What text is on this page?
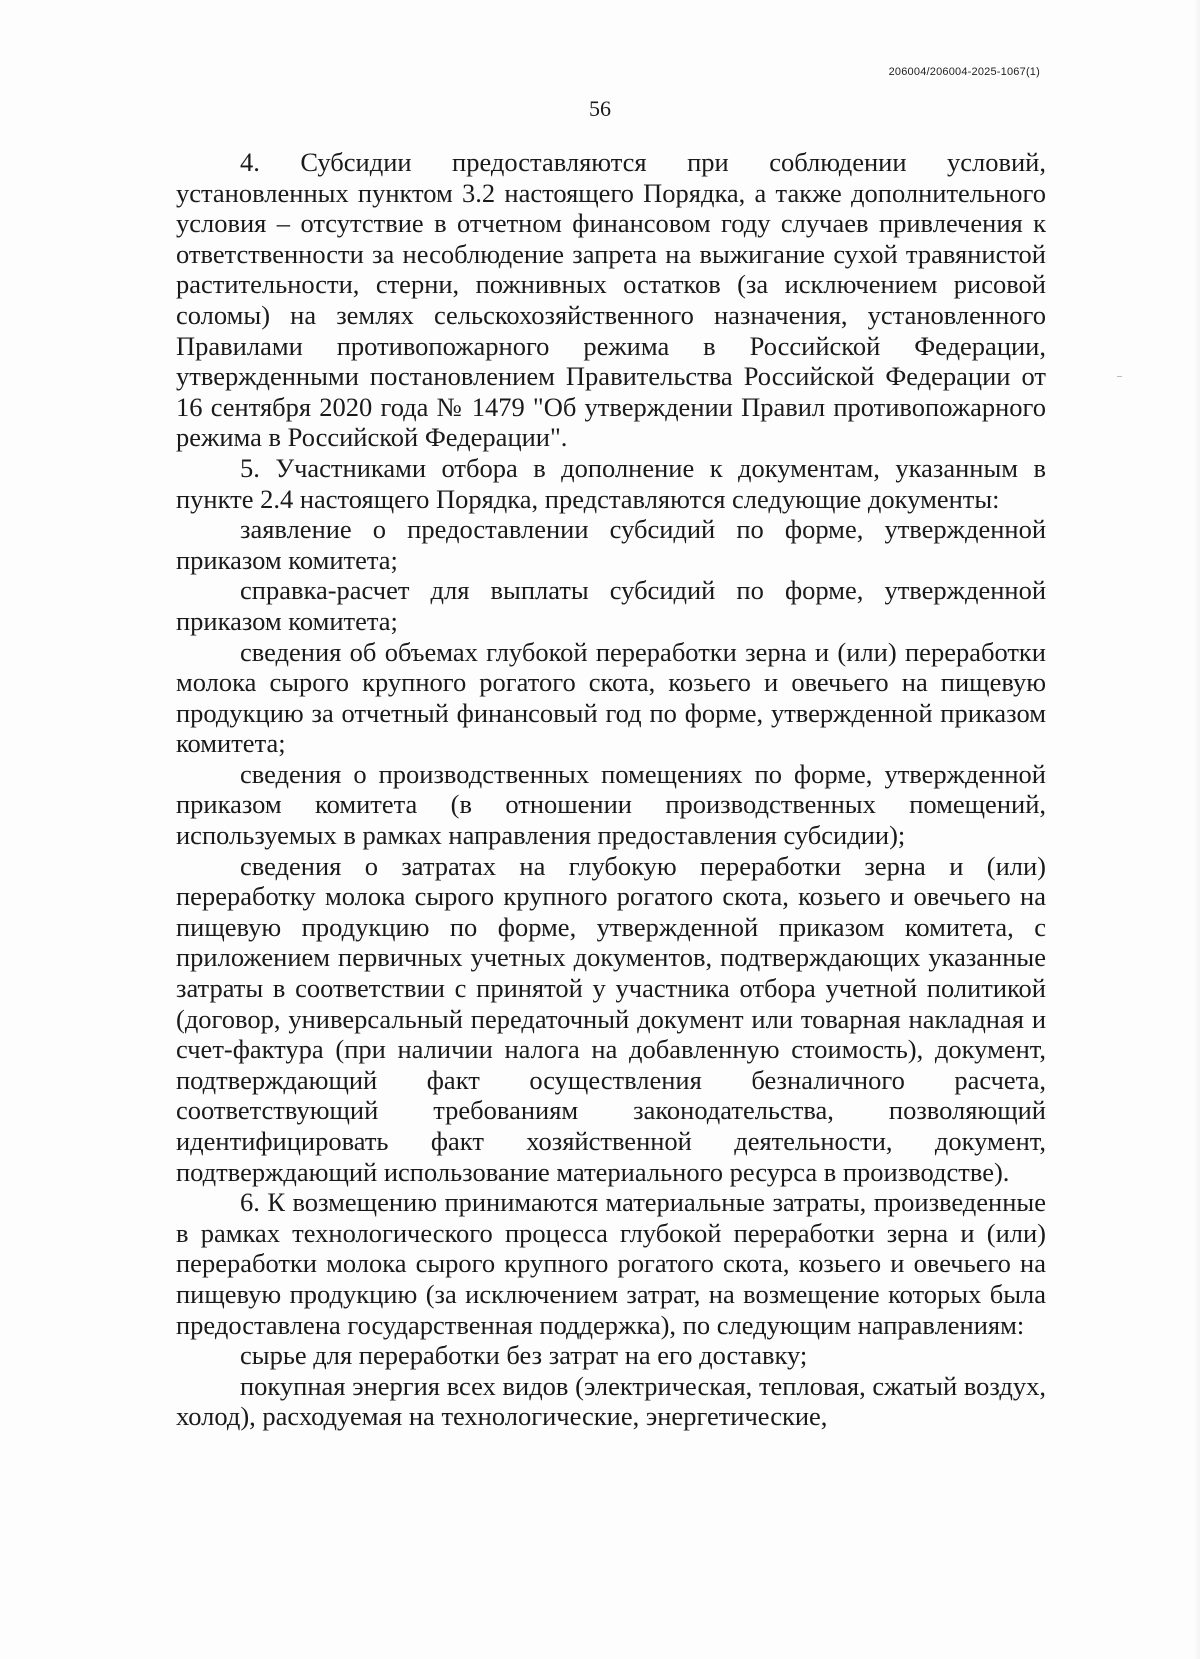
206004/206004-2025-1067(1)
56

4. Субсидии предоставляются при соблюдении условий, установленных пунктом 3.2 настоящего Порядка, а также дополнительного условия – отсутствие в отчетном финансовом году случаев привлечения к ответственности за несоблюдение запрета на выжигание сухой травянистой растительности, стерни, пожнивных остатков (за исключением рисовой соломы) на землях сельскохозяйственного назначения, установленного Правилами противопожарного режима в Российской Федерации, утвержденными постановлением Правительства Российской Федерации от 16 сентября 2020 года № 1479 "Об утверждении Правил противопожарного режима в Российской Федерации".

5. Участниками отбора в дополнение к документам, указанным в пункте 2.4 настоящего Порядка, представляются следующие документы:

заявление о предоставлении субсидий по форме, утвержденной приказом комитета;

справка-расчет для выплаты субсидий по форме, утвержденной приказом комитета;

сведения об объемах глубокой переработки зерна и (или) переработки молока сырого крупного рогатого скота, козьего и овечьего на пищевую продукцию за отчетный финансовый год по форме, утвержденной приказом комитета;

сведения о производственных помещениях по форме, утвержденной приказом комитета (в отношении производственных помещений, используемых в рамках направления предоставления субсидии);

сведения о затратах на глубокую переработки зерна и (или) переработку молока сырого крупного рогатого скота, козьего и овечьего на пищевую продукцию по форме, утвержденной приказом комитета, с приложением первичных учетных документов, подтверждающих указанные затраты в соответствии с принятой у участника отбора учетной политикой (договор, универсальный передаточный документ или товарная накладная и счет-фактура (при наличии налога на добавленную стоимость), документ, подтверждающий факт осуществления безналичного расчета, соответствующий требованиям законодательства, позволяющий идентифицировать факт хозяйственной деятельности, документ, подтверждающий использование материального ресурса в производстве).

6. К возмещению принимаются материальные затраты, произведенные в рамках технологического процесса глубокой переработки зерна и (или) переработки молока сырого крупного рогатого скота, козьего и овечьего на пищевую продукцию (за исключением затрат, на возмещение которых была предоставлена государственная поддержка), по следующим направлениям:

сырье для переработки без затрат на его доставку;

покупная энергия всех видов (электрическая, тепловая, сжатый воздух, холод), расходуемая на технологические, энергетические,
